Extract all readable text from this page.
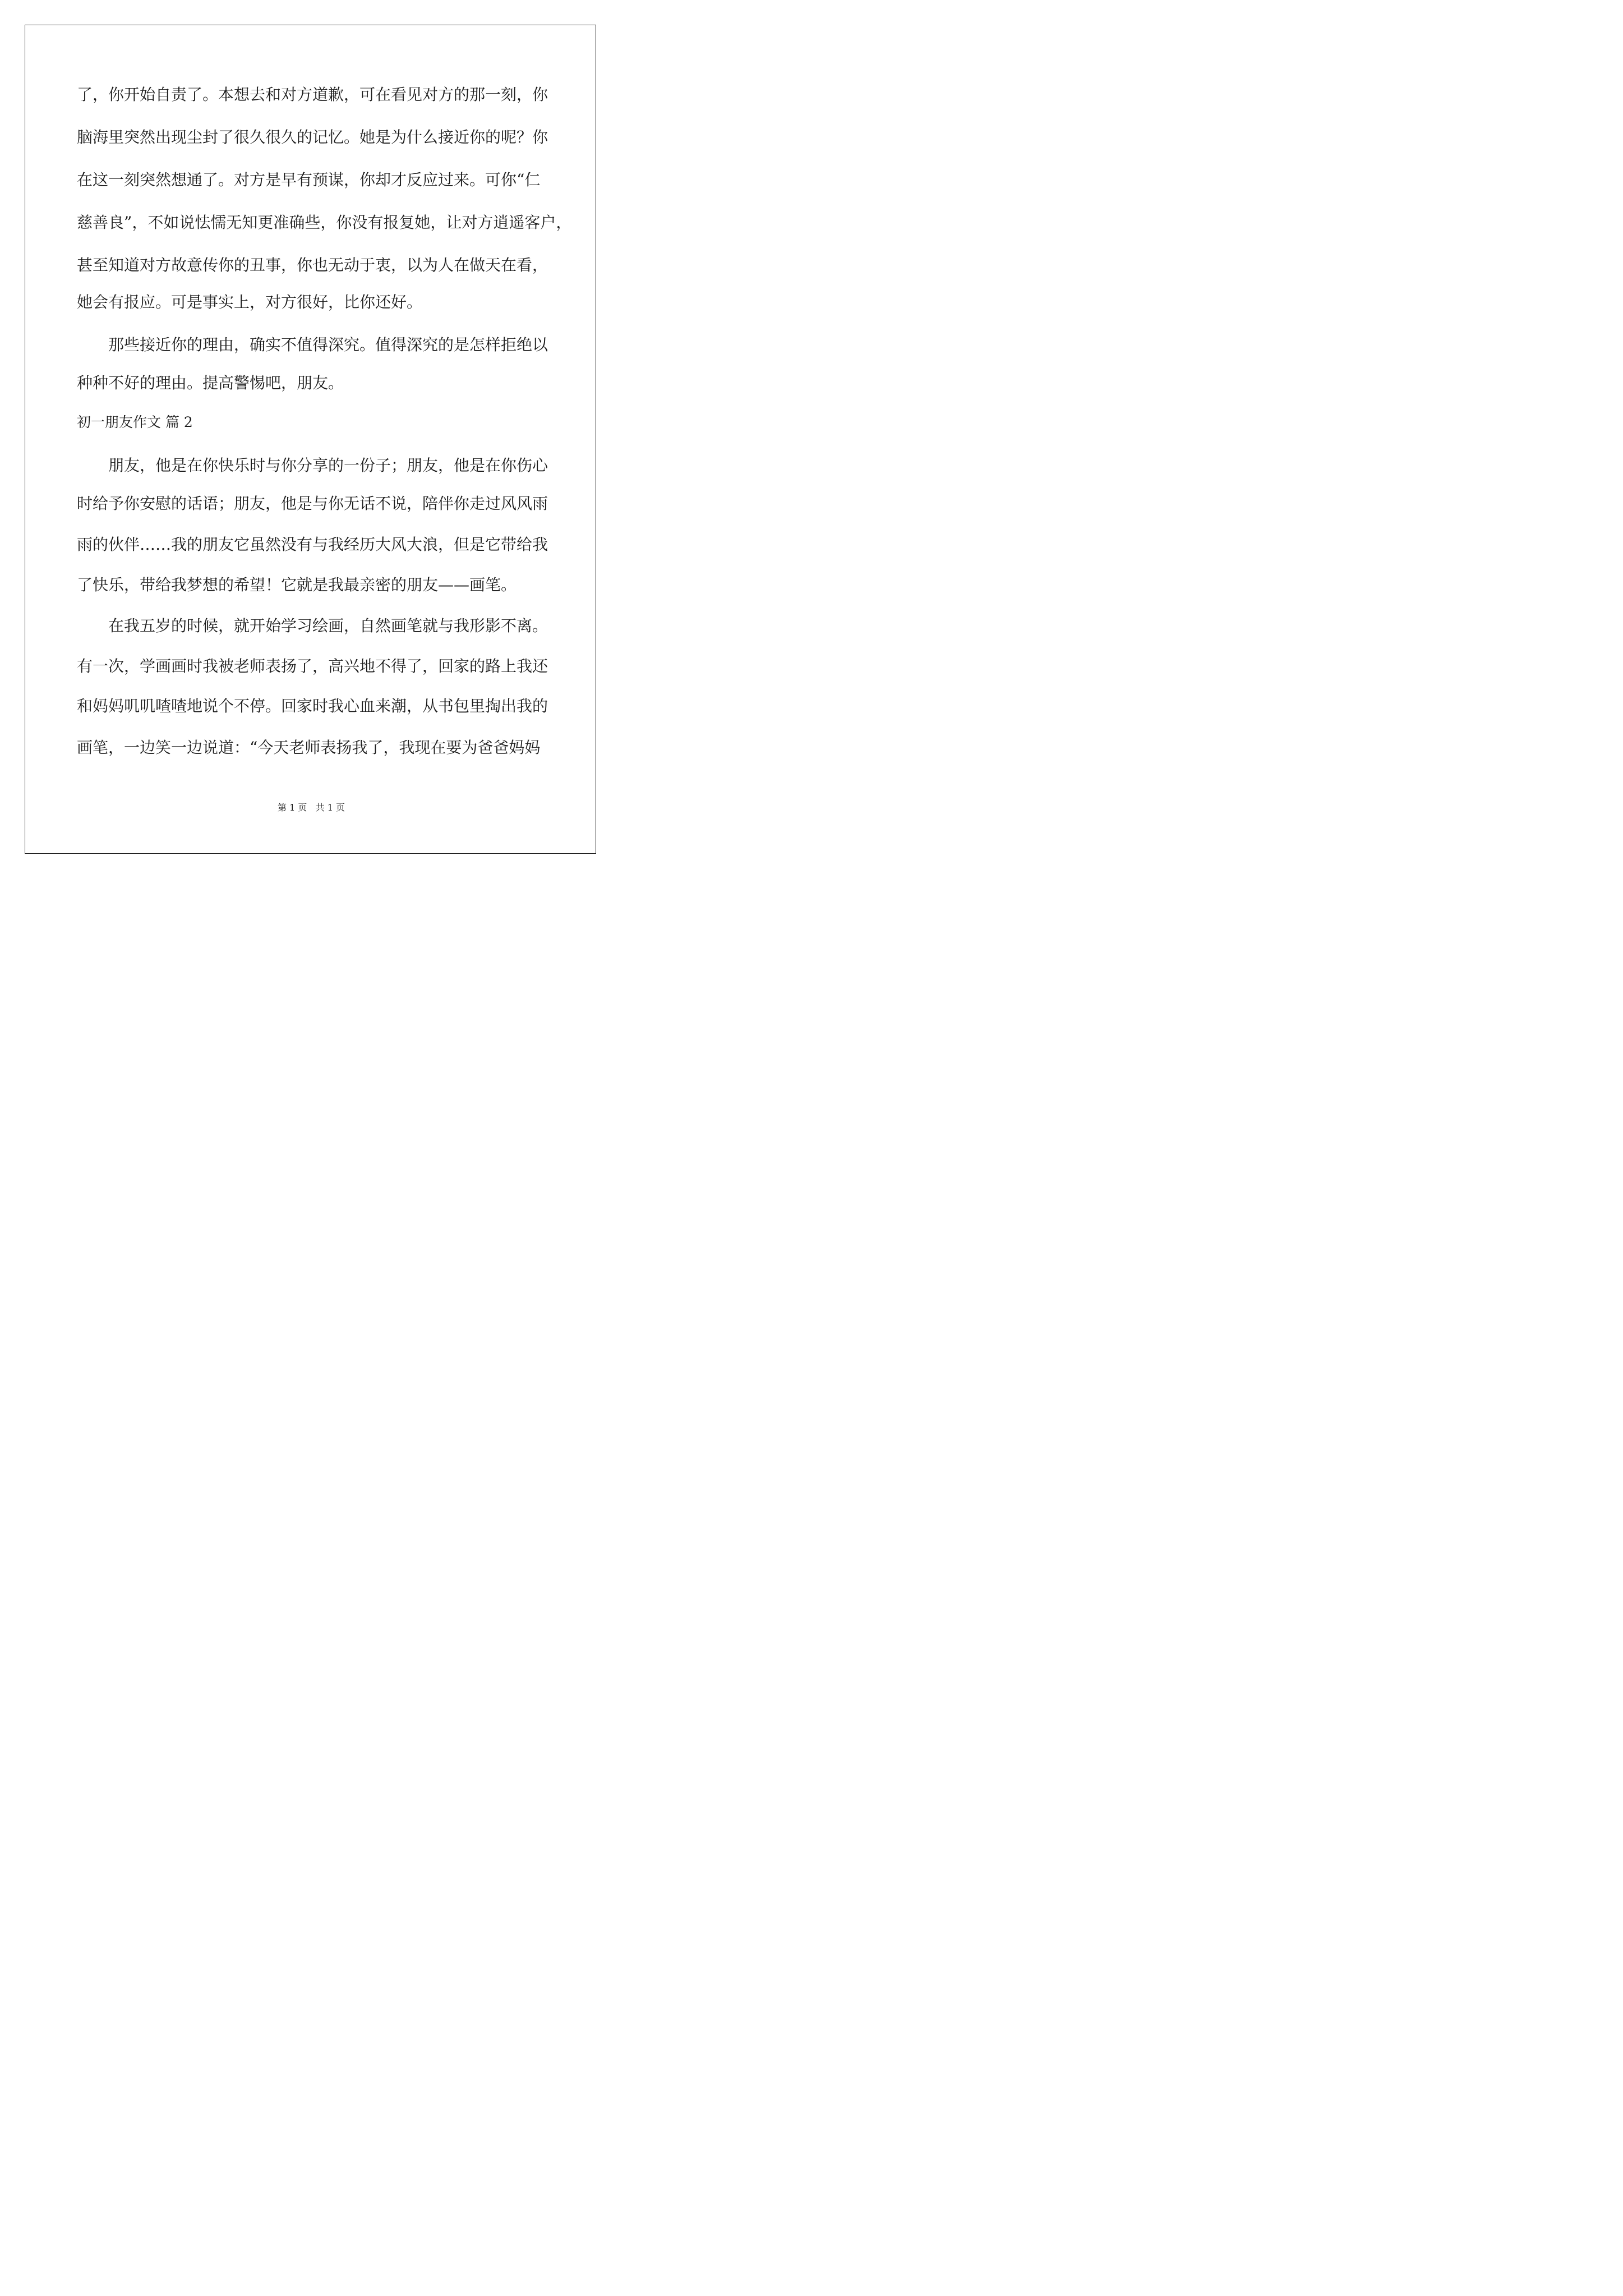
了，你开始自责了。本想去和对方道歉，可在看见对方的那一刻，你
脑海里突然出现尘封了很久很久的记忆。她是为什么接近你的呢？你
在这一刻突然想通了。对方是早有预谋，你却才反应过来。可你“仁
慈善良”，不如说怯懦无知更准确些，你没有报复她，让对方逍遥客户，
甚至知道对方故意传你的丑事，你也无动于衷，以为人在做天在看，
她会有报应。可是事实上，对方很好，比你还好。
那些接近你的理由，确实不值得深究。值得深究的是怎样拒绝以
种种不好的理由。提高警惕吧，朋友。
初一朋友作文 篇 2
朋友，他是在你快乐时与你分享的一份子；朋友，他是在你伤心
时给予你安慰的话语；朋友，他是与你无话不说，陪伴你走过风风雨
雨的伙伴……我的朋友它虽然没有与我经历大风大浪，但是它带给我
了快乐，带给我梦想的希望！它就是我最亲密的朋友——画笔。
在我五岁的时候，就开始学习绘画，自然画笔就与我形影不离。
有一次，学画画时我被老师表扬了，高兴地不得了，回家的路上我还
和妈妈叽叽喳喳地说个不停。回家时我心血来潮，从书包里掏出我的
画笔，一边笑一边说道：“今天老师表扬我了，我现在要为爸爸妈妈
第 1 页   共 1 页
